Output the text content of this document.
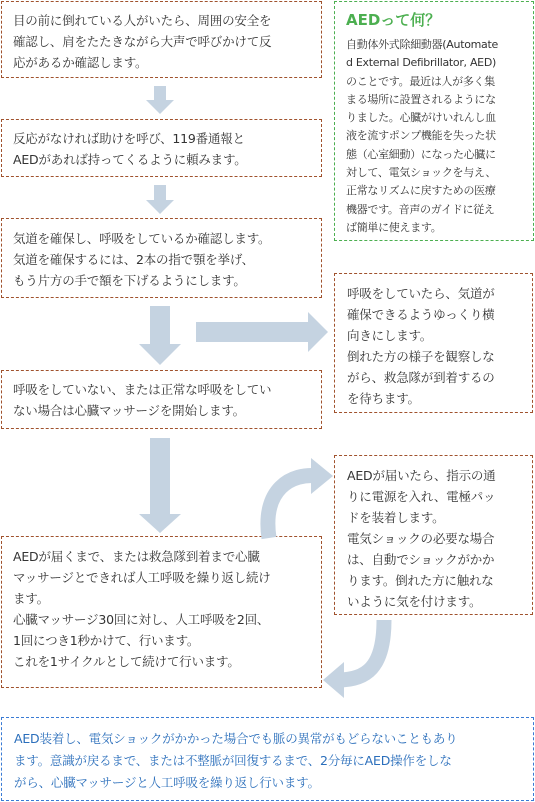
目の前に倒れている人がいたら、周囲の安全を
確認し、肩をたたきながら大声で呼びかけて反
応があるか確認します。
反応がなければ助けを呼び、119番通報と
AEDがあれば持ってくるように頼みます。
気道を確保し、呼吸をしているか確認します。
気道を確保するには、2本の指で顎を挙げ、
もう片方の手で額を下げるようにします。
呼吸をしていない、または正常な呼吸をしてい
ない場合は心臓マッサージを開始します。
AEDが届くまで、または救急隊到着まで心臓
マッサージとできれば人工呼吸を繰り返し続け
ます。
心臓マッサージ30回に対し、人工呼吸を2回、
1回につき1秒かけて、行います。
これを1サイクルとして続けて行います。
AEDって何？
自動体外式除細動器(Automate
d External Defibrillator, AED)
のことです。最近は人が多く集
まる場所に設置されるようにな
りました。心臓がけいれんし血
液を流すポンプ機能を失った状
態（心室細動）になった心臓に
対して、電気ショックを与え、
正常なリズムに戻すための医療
機器です。音声のガイドに従え
ば簡単に使えます。
呼吸をしていたら、気道が
確保できるようゆっくり横
向きにします。
倒れた方の様子を観察しな
がら、救急隊が到着するの
を待ちます。
AEDが届いたら、指示の通
りに電源を入れ、電極パッ
ドを装着します。
電気ショックの必要な場合
は、自動でショックがかか
ります。倒れた方に触れな
いように気を付けます。
AED装着し、電気ショックがかかった場合でも脈の異常がもどらないこともあり
ます。意識が戻るまで、または不整脈が回復するまで、2分毎にAED操作をしな
がら、心臓マッサージと人工呼吸を繰り返し行います。
